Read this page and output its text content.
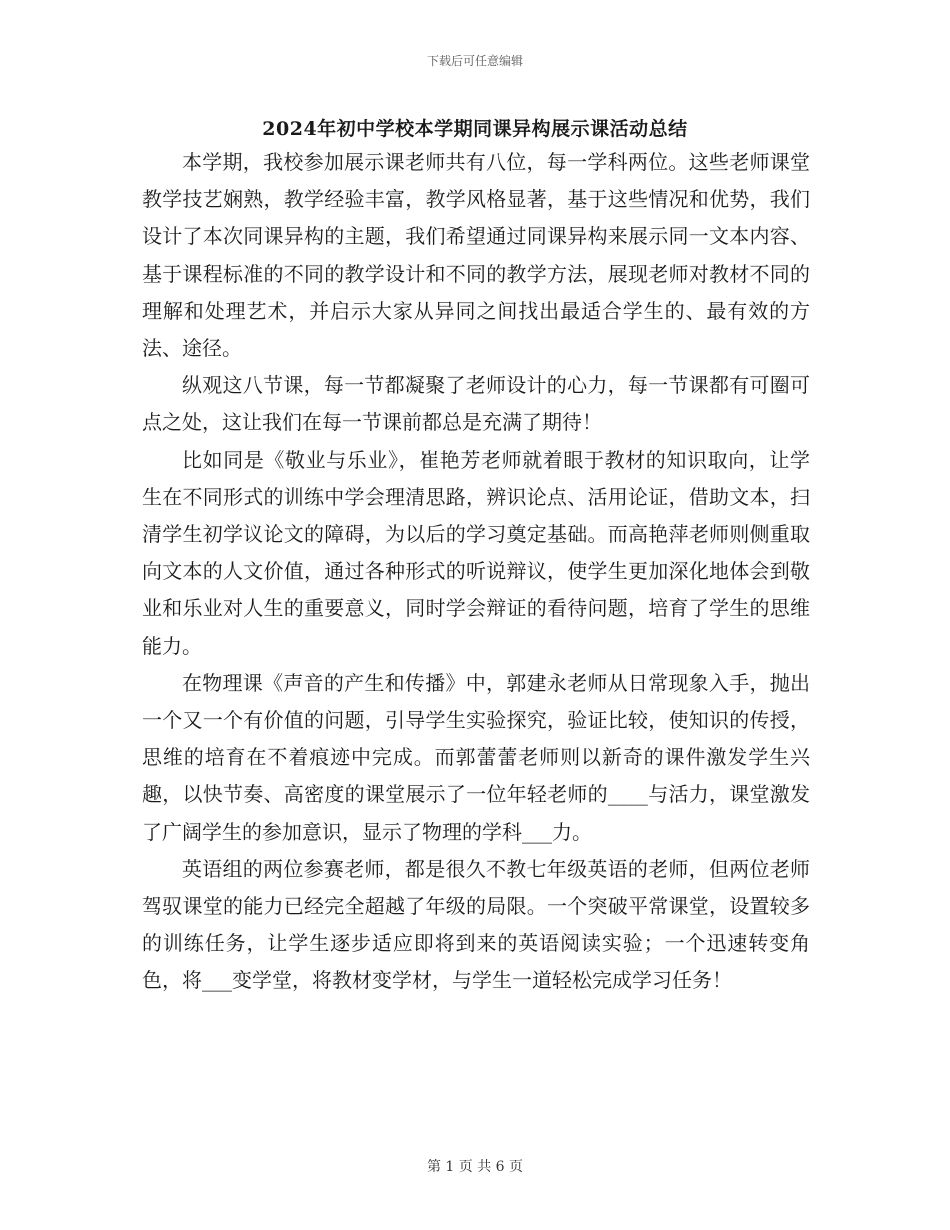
下载后可任意编辑
2024年初中学校本学期同课异构展示课活动总结

本学期，我校参加展示课老师共有八位，每一学科两位。这些老师课堂教学技艺娴熟，教学经验丰富，教学风格显著，基于这些情况和优势，我们设计了本次同课异构的主题，我们希望通过同课异构来展示同一文本内容、基于课程标准的不同的教学设计和不同的教学方法，展现老师对教材不同的理解和处理艺术，并启示大家从异同之间找出最适合学生的、最有效的方法、途径。

纵观这八节课，每一节都凝聚了老师设计的心力，每一节课都有可圈可点之处，这让我们在每一节课前都总是充满了期待！

比如同是《敬业与乐业》，崔艳芳老师就着眼于教材的知识取向，让学生在不同形式的训练中学会理清思路，辨识论点、活用论证，借助文本，扫清学生初学议论文的障碍，为以后的学习奠定基础。而高艳萍老师则侧重取向文本的人文价值，通过各种形式的听说辩议，使学生更加深化地体会到敬业和乐业对人生的重要意义，同时学会辩证的看待问题，培育了学生的思维能力。

在物理课《声音的产生和传播》中，郭建永老师从日常现象入手，抛出一个又一个有价值的问题，引导学生实验探究，验证比较，使知识的传授，思维的培育在不着痕迹中完成。而郭蕾蕾老师则以新奇的课件激发学生兴趣，以快节奏、高密度的课堂展示了一位年轻老师的____与活力，课堂激发了广阔学生的参加意识，显示了物理的学科___力。

英语组的两位参赛老师，都是很久不教七年级英语的老师，但两位老师驾驭课堂的能力已经完全超越了年级的局限。一个突破平常课堂，设置较多的训练任务，让学生逐步适应即将到来的英语阅读实验；一个迅速转变角色，将___变学堂，将教材变学材，与学生一道轻松完成学习任务！

第 1 页 共 6 页
